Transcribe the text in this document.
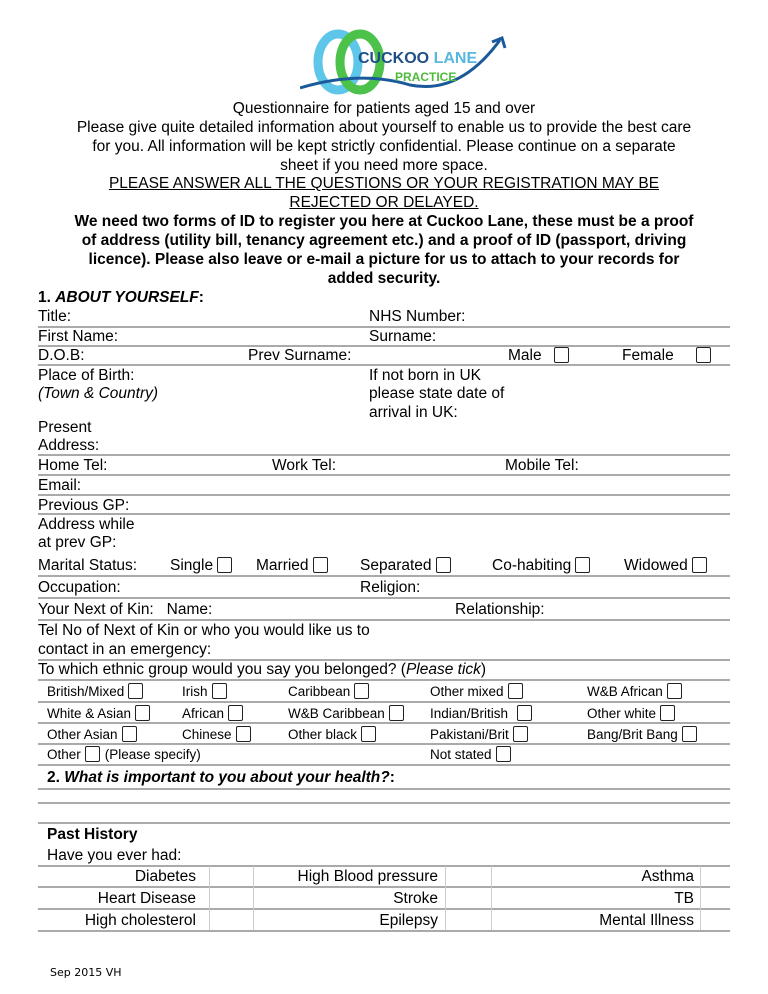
CUCKOO LANE
PRACTICE
Questionnaire for patients aged 15 and over
Please give quite detailed information about yourself to enable us to provide the best care
for you. All information will be kept strictly confidential. Please continue on a separate
sheet if you need more space.
PLEASE ANSWER ALL THE QUESTIONS OR YOUR REGISTRATION MAY BE
REJECTED OR DELAYED.
We need two forms of ID to register you here at Cuckoo Lane, these must be a proof
of address (utility bill, tenancy agreement etc.) and a proof of ID (passport, driving
licence). Please also leave or e-mail a picture for us to attach to your records for
added security.
1. ABOUT YOURSELF:
Title:	NHS Number:
First Name:	Surname:
D.O.B:	Prev Surname:	Male	Female
Place of Birth:
(Town & Country)
If not born in UK
please state date of
arrival in UK:
Present
Address:
Home Tel:	Work Tel:	Mobile Tel:
Email:
Previous GP:
Address while
at prev GP:
Marital Status: Single	Married	Separated	Co-habiting	Widowed
Occupation:	Religion:
Your Next of Kin:   Name:	Relationship:
Tel No of Next of Kin or who you would like us to
contact in an emergency:
To which ethnic group would you say you belonged? (Please tick)
British/Mixed	Irish	Caribbean	Other mixed	W&B African
White & Asian	African	W&B Caribbean	Indian/British	Other white
Other Asian	Chinese	Other black	Pakistani/Brit	Bang/Brit Bang
Other (Please specify)	Not stated
2. What is important to you about your health?:
Past History
Have you ever had:
Diabetes	High Blood pressure	Asthma
Heart Disease	Stroke	TB
High cholesterol	Epilepsy	Mental Illness
Sep 2015 VH
